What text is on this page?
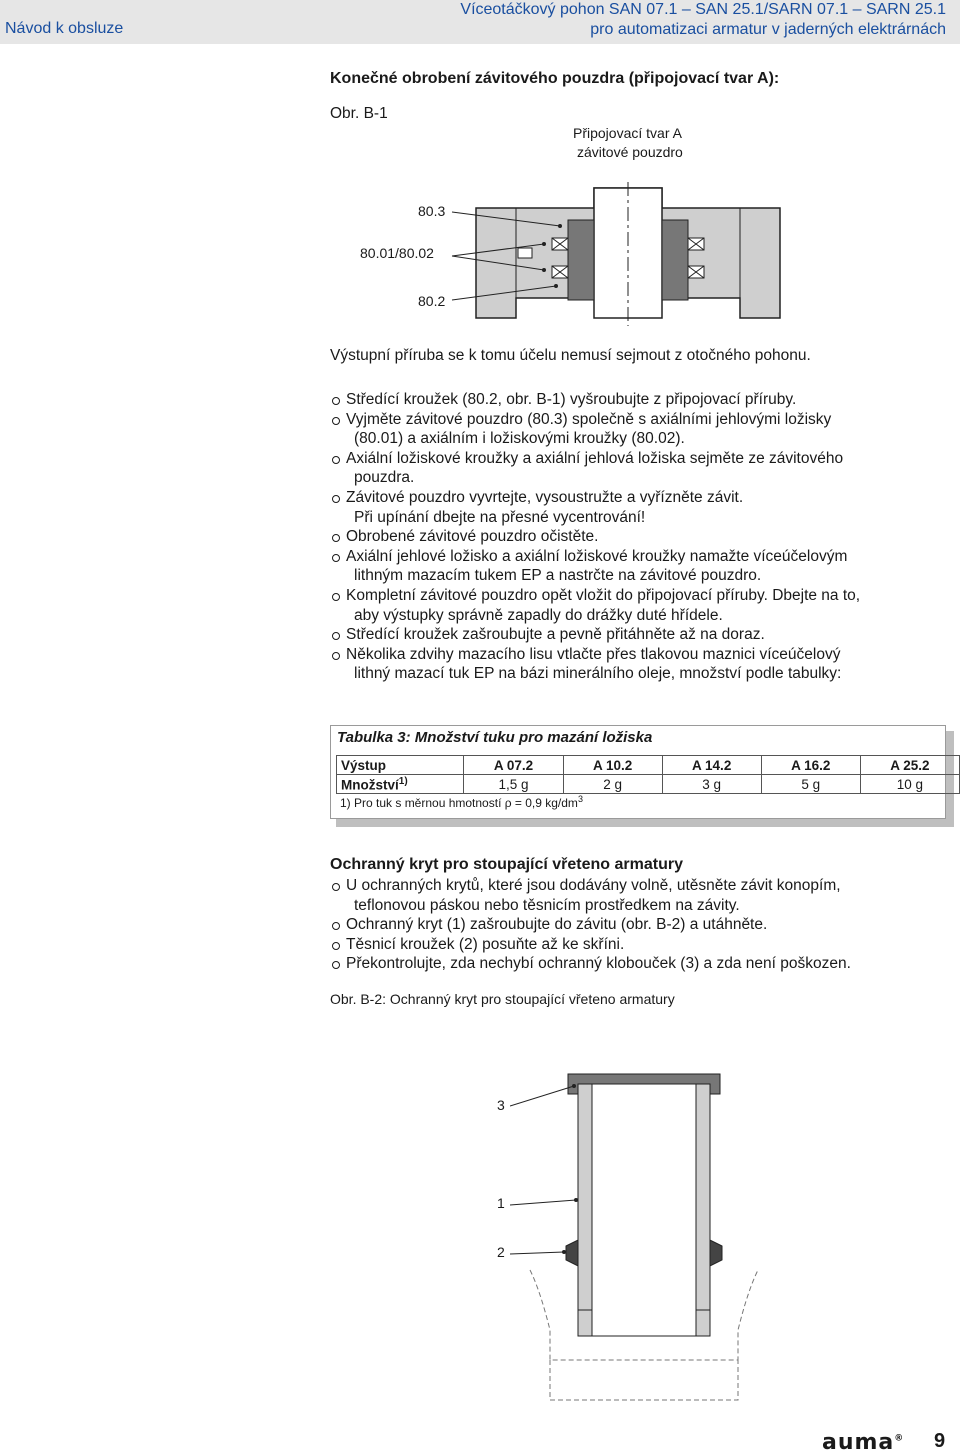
Návod k obsluze
Víceotáčkový pohon SAN 07.1 – SAN 25.1/SARN 07.1 – SARN 25.1
pro automatizaci armatur v jaderných elektrárnách
Konečné obrobení závitového pouzdra (připojovací tvar A):
Obr. B-1
Připojovací tvar A
závitové pouzdro
80.3
80.01/80.02
80.2
Výstupní příruba se k tomu účelu nemusí sejmout z otočného pohonu.
Středící kroužek (80.2, obr. B-1) vyšroubujte z připojovací příruby.
Vyjměte závitové pouzdro (80.3) společně s axiálními jehlovými ložisky
(80.01) a axiálním i ložiskovými kroužky (80.02).
Axiální ložiskové kroužky a axiální jehlová ložiska sejměte ze závitového
pouzdra.
Závitové pouzdro vyvrtejte, vysoustružte a vyřízněte závit.
Při upínání dbejte na přesné vycentrování!
Obrobené závitové pouzdro očistěte.
Axiální jehlové ložisko a axiální ložiskové kroužky namažte víceúčelovým
lithným mazacím tukem EP a nastrčte na závitové pouzdro.
Kompletní závitové pouzdro opět vložit do připojovací příruby. Dbejte na to,
aby výstupky správně zapadly do drážky duté hřídele.
Středící kroužek zašroubujte a pevně přitáhněte až na doraz.
Několika zdvihy mazacího lisu vtlačte přes tlakovou maznici víceúčelový
lithný mazací tuk EP na bázi minerálního oleje, množství podle tabulky:
Tabulka 3: Množství tuku pro mazání ložiska
Výstup	A 07.2	A 10.2	A 14.2	A 16.2	A 25.2
Množství$^{1)}$	1,5 g	2 g	3 g	5 g	10 g
1) Pro tuk s měrnou hmotností ρ = 0,9 $kg/dm^3$
Ochranný kryt pro stoupající vřeteno armatury
U ochranných krytů, které jsou dodávány volně, utěsněte závit konopím,
teflonovou páskou nebo těsnicím prostředkem na závity.
Ochranný kryt (1) zašroubujte do závitu (obr. B-2) a utáhněte.
Těsnicí kroužek (2) posuňte až ke skříni.
Překontrolujte, zda nechybí ochranný klobouček (3) a zda není poškozen.
Obr. B-2: Ochranný kryt pro stoupající vřeteno armatury
3
1
2
auma® 9
